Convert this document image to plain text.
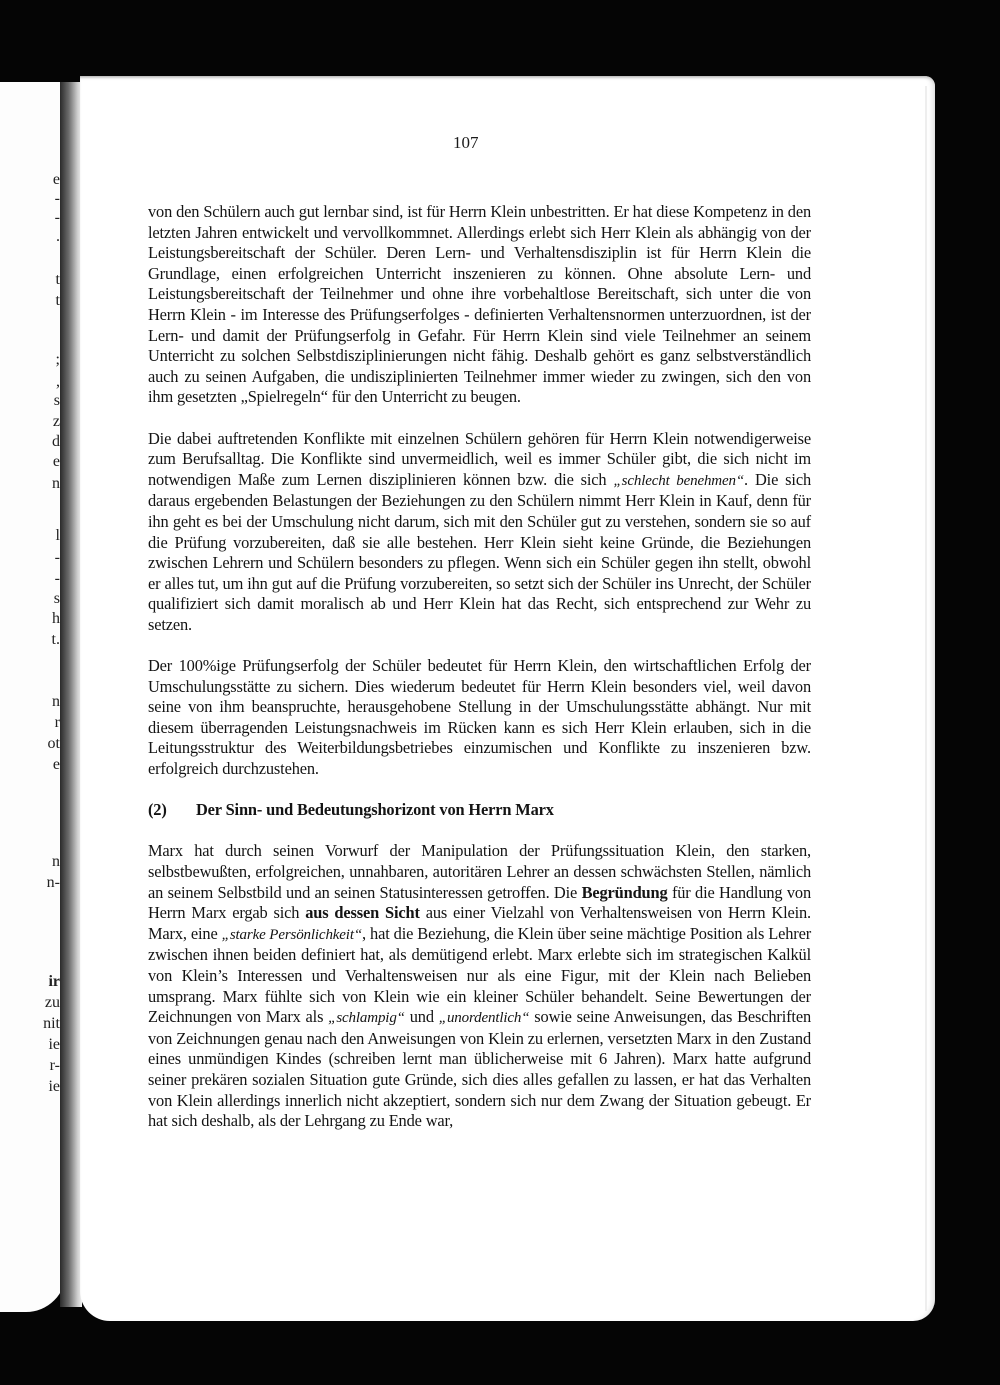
e
-
-
.
t
t
;
,
s
z
d
e
n
l
-
-
s
h
t.
n
r
ot
e
n
n-
ir
zu
nit
ie
r-
ie
107

von den Schülern auch gut lernbar sind, ist für Herrn Klein unbestritten. Er hat diese Kompetenz in den letzten Jahren entwickelt und vervollkommnet. Allerdings erlebt sich Herr Klein als abhängig von der Leistungsbereitschaft der Schüler. Deren Lern- und Verhaltensdisziplin ist für Herrn Klein die Grundlage, einen erfolgreichen Unterricht inszenieren zu können. Ohne absolute Lern- und Leistungsbereitschaft der Teilnehmer und ohne ihre vorbehaltlose Bereitschaft, sich unter die von Herrn Klein - im Interesse des Prüfungserfolges - definierten Verhaltensnormen unterzuordnen, ist der Lern- und damit der Prüfungserfolg in Gefahr. Für Herrn Klein sind viele Teilnehmer an seinem Unterricht zu solchen Selbstdisziplinierungen nicht fähig. Deshalb gehört es ganz selbstverständlich auch zu seinen Aufgaben, die undisziplinierten Teilnehmer immer wieder zu zwingen, sich den von ihm gesetzten „Spielregeln“ für den Unterricht zu beugen.

Die dabei auftretenden Konflikte mit einzelnen Schülern gehören für Herrn Klein notwendigerweise zum Berufsalltag. Die Konflikte sind unvermeidlich, weil es immer Schüler gibt, die sich nicht im notwendigen Maße zum Lernen disziplinieren können bzw. die sich „schlecht benehmen“. Die sich daraus ergebenden Belastungen der Beziehungen zu den Schülern nimmt Herr Klein in Kauf, denn für ihn geht es bei der Umschulung nicht darum, sich mit den Schüler gut zu verstehen, sondern sie so auf die Prüfung vorzubereiten, daß sie alle bestehen. Herr Klein sieht keine Gründe, die Beziehungen zwischen Lehrern und Schülern besonders zu pflegen. Wenn sich ein Schüler gegen ihn stellt, obwohl er alles tut, um ihn gut auf die Prüfung vorzubereiten, so setzt sich der Schüler ins Unrecht, der Schüler qualifiziert sich damit moralisch ab und Herr Klein hat das Recht, sich entsprechend zur Wehr zu setzen.

Der 100%ige Prüfungserfolg der Schüler bedeutet für Herrn Klein, den wirtschaftlichen Erfolg der Umschulungsstätte zu sichern. Dies wiederum bedeutet für Herrn Klein besonders viel, weil davon seine von ihm beanspruchte, herausgehobene Stellung in der Umschulungsstätte abhängt. Nur mit diesem überragenden Leistungsnachweis im Rücken kann es sich Herr Klein erlauben, sich in die Leitungsstruktur des Weiterbildungsbetriebes einzumischen und Konflikte zu inszenieren bzw. erfolgreich durchzustehen.

(2)	Der Sinn- und Bedeutungshorizont von Herrn Marx

Marx hat durch seinen Vorwurf der Manipulation der Prüfungssituation Klein, den starken, selbstbewußten, erfolgreichen, unnahbaren, autoritären Lehrer an dessen schwächsten Stellen, nämlich an seinem Selbstbild und an seinen Statusinteressen getroffen. Die Begründung für die Handlung von Herrn Marx ergab sich aus dessen Sicht aus einer Vielzahl von Verhaltensweisen von Herrn Klein. Marx, eine „starke Persönlichkeit“, hat die Beziehung, die Klein über seine mächtige Position als Lehrer zwischen ihnen beiden definiert hat, als demütigend erlebt. Marx erlebte sich im strategischen Kalkül von Klein’s Interessen und Verhaltensweisen nur als eine Figur, mit der Klein nach Belieben umsprang. Marx fühlte sich von Klein wie ein kleiner Schüler behandelt. Seine Bewertungen der Zeichnungen von Marx als „schlampig“ und „unordentlich“ sowie seine Anweisungen, das Beschriften von Zeichnungen genau nach den Anweisungen von Klein zu erlernen, versetzten Marx in den Zustand eines unmündigen Kindes (schreiben lernt man üblicherweise mit 6 Jahren). Marx hatte aufgrund seiner prekären sozialen Situation gute Gründe, sich dies alles gefallen zu lassen, er hat das Verhalten von Klein allerdings innerlich nicht akzeptiert, sondern sich nur dem Zwang der Situation gebeugt. Er hat sich deshalb, als der Lehrgang zu Ende war,
